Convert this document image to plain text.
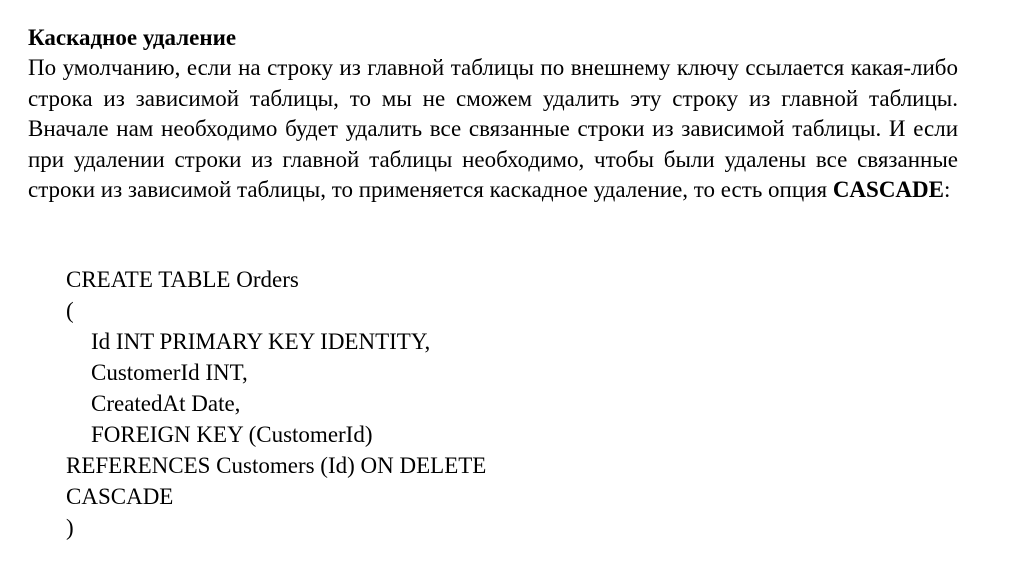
Каскадное удаление

По умолчанию, если на строку из главной таблицы по внешнему ключу ссылается какая-либо строка из зависимой таблицы, то мы не сможем удалить эту строку из главной таблицы. Вначале нам необходимо будет удалить все связанные строки из зависимой таблицы. И если при удалении строки из главной таблицы необходимо, чтобы были удалены все связанные строки из зависимой таблицы, то применяется каскадное удаление, то есть опция CASCADE:

CREATE TABLE Orders
(
Id INT PRIMARY KEY IDENTITY,
CustomerId INT,
CreatedAt Date,
FOREIGN KEY (CustomerId)
REFERENCES Customers (Id) ON DELETE
CASCADE
)
